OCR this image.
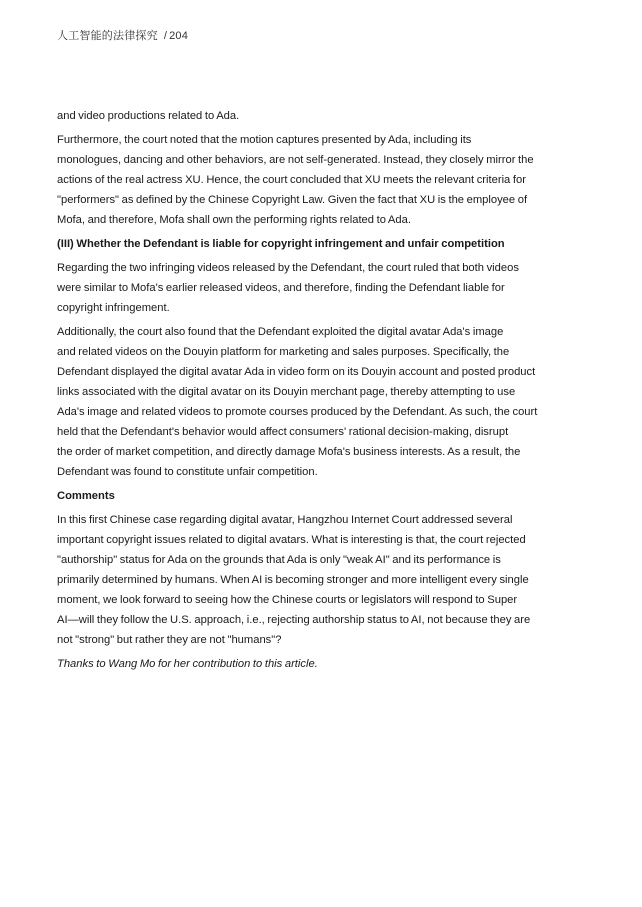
人工智能的法律探究 / 204
and video productions related to Ada.
Furthermore, the court noted that the motion captures presented by Ada, including its
monologues, dancing and other behaviors, are not self-generated. Instead, they closely mirror the
actions of the real actress XU. Hence, the court concluded that XU meets the relevant criteria for
"performers" as defined by the Chinese Copyright Law. Given the fact that XU is the employee of
Mofa, and therefore, Mofa shall own the performing rights related to Ada.
(III) Whether the Defendant is liable for copyright infringement and unfair competition
Regarding the two infringing videos released by the Defendant, the court ruled that both videos
were similar to Mofa's earlier released videos, and therefore, finding the Defendant liable for
copyright infringement.
Additionally, the court also found that the Defendant exploited the digital avatar Ada's image
and related videos on the Douyin platform for marketing and sales purposes. Specifically, the
Defendant displayed the digital avatar Ada in video form on its Douyin account and posted product
links associated with the digital avatar on its Douyin merchant page, thereby attempting to use
Ada's image and related videos to promote courses produced by the Defendant. As such, the court
held that the Defendant's behavior would affect consumers' rational decision-making, disrupt
the order of market competition, and directly damage Mofa's business interests. As a result, the
Defendant was found to constitute unfair competition.
Comments
In this first Chinese case regarding digital avatar, Hangzhou Internet Court addressed several
important copyright issues related to digital avatars. What is interesting is that, the court rejected
"authorship" status for Ada on the grounds that Ada is only "weak AI" and its performance is
primarily determined by humans. When AI is becoming stronger and more intelligent every single
moment, we look forward to seeing how the Chinese courts or legislators will respond to Super
AI—will they follow the U.S. approach, i.e., rejecting authorship status to AI, not because they are
not "strong" but rather they are not "humans"?
Thanks to Wang Mo for her contribution to this article.
